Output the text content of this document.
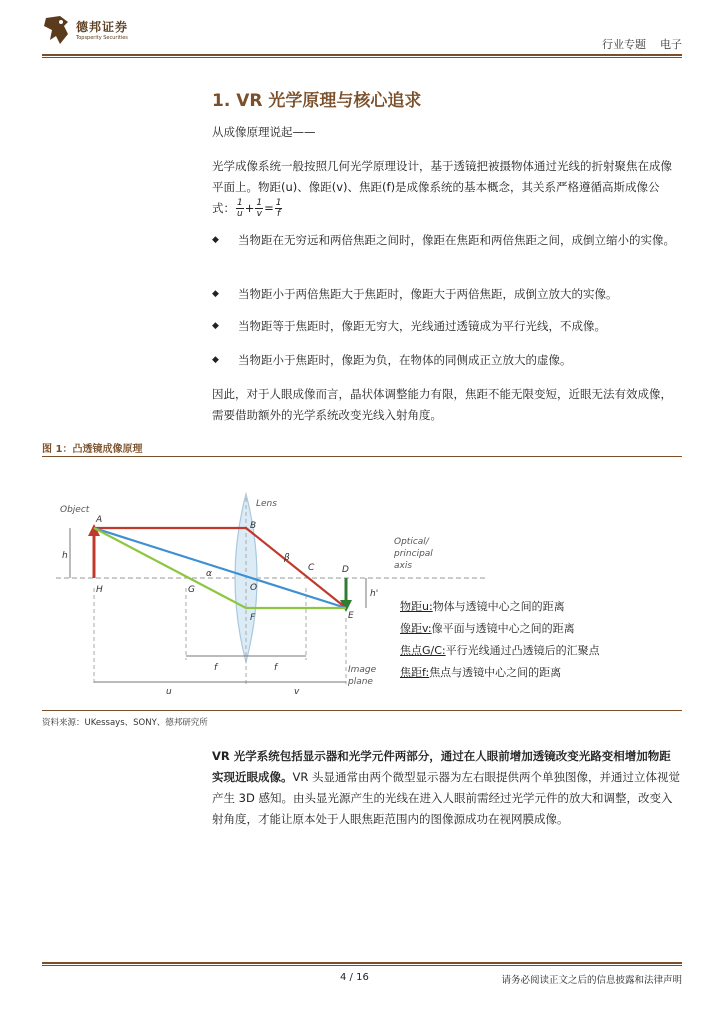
德邦证券
Topsperity Securities	行业专题 电子
1. VR 光学原理与核心追求
从成像原理说起——
光学成像系统一般按照几何光学原理设计，基于透镜把被摄物体通过光线的折射聚焦在成像平面上。物距(u)、像距(v)、焦距(f)是成像系统的基本概念，其关系严格遵循高斯成像公式： $\frac{1}{u} + \frac{1}{v} = \frac{1}{f}$
◆ 当物距在无穷远和两倍焦距之间时，像距在焦距和两倍焦距之间，成倒立缩小的实像。
◆ 当物距小于两倍焦距大于焦距时，像距大于两倍焦距，成倒立放大的实像。
◆ 当物距等于焦距时，像距无穷大，光线通过透镜成为平行光线，不成像。
◆ 当物距小于焦距时，像距为负，在物体的同侧成正立放大的虚像。
因此，对于人眼成像而言，晶状体调整能力有限，焦距不能无限变短，近眼无法有效成像，需要借助额外的光学系统改变光线入射角度。
图 1：凸透镜成像原理
Object
Lens
Optical/
principal
axis
Image
plane
A
B
C	D
E
F
G
H	O
h
h'
α
β
f	f
u	v
物距u:物体与透镜中心之间的距离
像距v:像平面与透镜中心之间的距离
焦点G/C:平行光线通过凸透镜后的汇聚点
焦距f:焦点与透镜中心之间的距离
资料来源：UKessays、SONY、德邦研究所
VR 光学系统包括显示器和光学元件两部分，通过在人眼前增加透镜改变光路变相增加物距实现近眼成像。VR 头显通常由两个微型显示器为左右眼提供两个单独图像，并通过立体视觉产生 3D 感知。由头显光源产生的光线在进入人眼前需经过光学元件的放大和调整，改变入射角度，才能让原本处于人眼焦距范围内的图像源成功在视网膜成像。
4 / 16	请务必阅读正文之后的信息披露和法律声明
